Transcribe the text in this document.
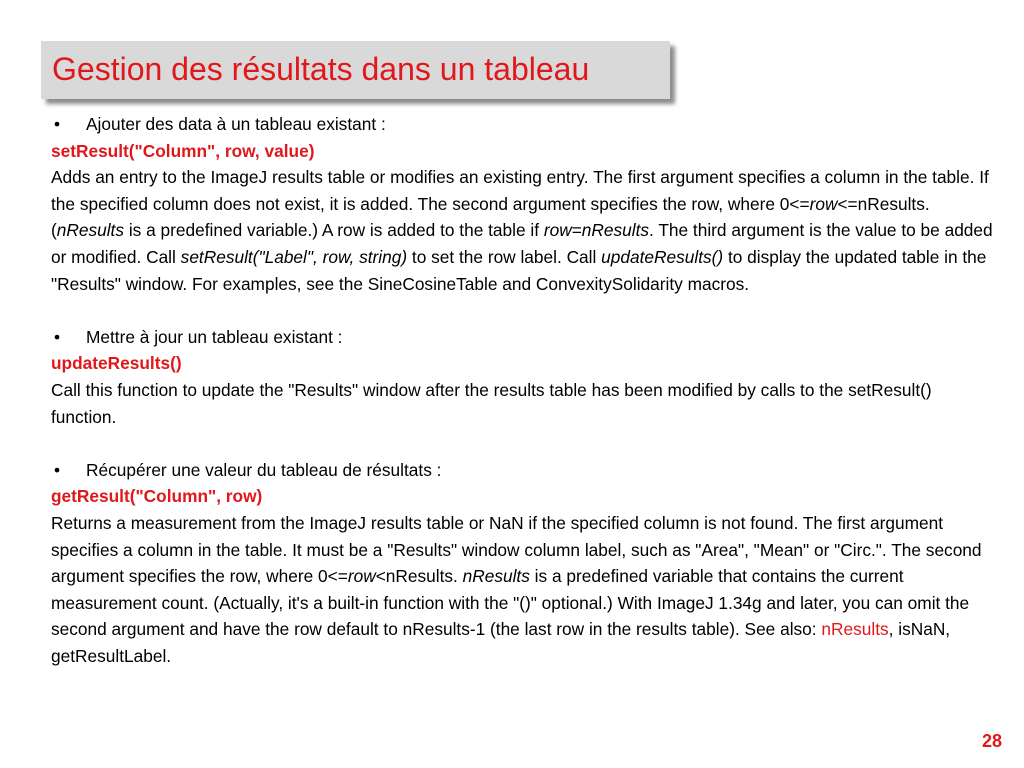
Gestion des résultats dans un tableau
•	Ajouter des data à un tableau existant :

setResult("Column", row, value)

Adds an entry to the ImageJ results table or modifies an existing entry. The first argument specifies a column in the table. If the specified column does not exist, it is added. The second argument specifies the row, where 0<=row<=nResults. (nResults is a predefined variable.) A row is added to the table if row=nResults. The third argument is the value to be added or modified. Call setResult("Label", row, string) to set the row label. Call updateResults() to display the updated table in the "Results" window. For examples, see the SineCosineTable and ConvexitySolidarity macros.

•	Mettre à jour un tableau existant :

updateResults()

Call this function to update the "Results" window after the results table has been modified by calls to the setResult() function.

•	Récupérer une valeur du tableau de résultats :

getResult("Column", row)

Returns a measurement from the ImageJ results table or NaN if the specified column is not found. The first argument specifies a column in the table. It must be a "Results" window column label, such as "Area", "Mean" or "Circ.". The second argument specifies the row, where 0<=row<nResults. nResults is a predefined variable that contains the current measurement count. (Actually, it's a built-in function with the "()" optional.) With ImageJ 1.34g and later, you can omit the second argument and have the row default to nResults-1 (the last row in the results table). See also: nResults, isNaN, getResultLabel.

28
